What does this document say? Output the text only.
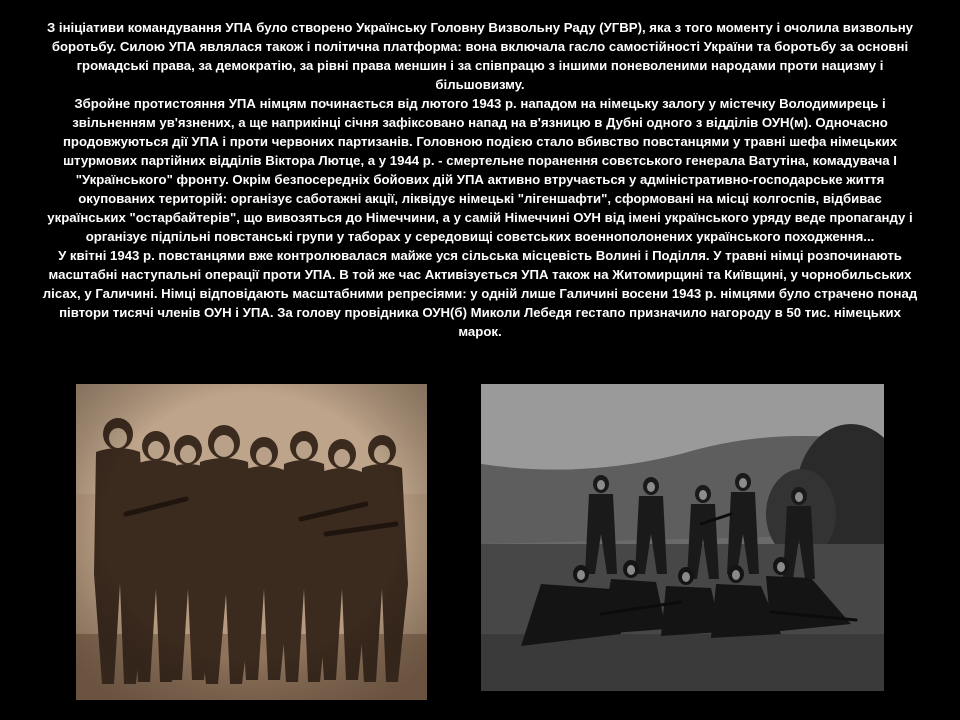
З ініціативи командування УПА було створено Українську Головну Визвольну Раду (УГВР), яка з того моменту і очолила визвольну боротьбу. Силою УПА являлася також і політична платформа: вона включала гасло самостійності України та боротьбу за основні громадські права, за демократію, за рівні права меншин і за співпрацю з іншими поневоленими народами проти нацизму і більшовизму.

Збройне протистояння УПА німцям починається від лютого 1943 р. нападом на німецьку залогу у містечку Володимирець і звільненням ув'язнених, а ще наприкінці січня зафіксовано напад на в'язницю в Дубні одного з відділів ОУН(м). Одночасно продовжуються дії УПА і проти червоних партизанів. Головною подією стало вбивство повстанцями у травні шефа німецьких штурмових партійних відділів Віктора Лютце, а у 1944 р. - смертельне поранення совєтського генерала Ватутіна, комадувача І "Українського" фронту. Окрім безпосередніх бойових дій УПА активно втручається у адміністративно-господарське життя окупованих територій: організує саботажні акції, ліквідує німецькі "лігеншафти", сформовані на місці колгоспів, відбиває українських "остарбайтерів", що вивозяться до Німеччини, а у самій Німеччині ОУН від імені українського уряду веде пропаганду і організує підпільні повстанські групи у таборах у середовищі совєтських военнополонених українського походження...

У квітні 1943 р. повстанцями вже контролювалася майже уся сільська місцевість Волині і Поділля. У травні німці розпочинають масштабні наступальні операції проти УПА. В той же час Активізується УПА також на Житомирщині та Київщині, у чорнобильських лісах, у Галичині. Німці відповідають масштабними репресіями: у одній лише Галичині восени 1943 р. німцями було страчено понад півтори тисячі членів ОУН і УПА. За голову провідника ОУН(б) Миколи Лебедя гестапо призначило нагороду в 50 тис. німецьких марок.
